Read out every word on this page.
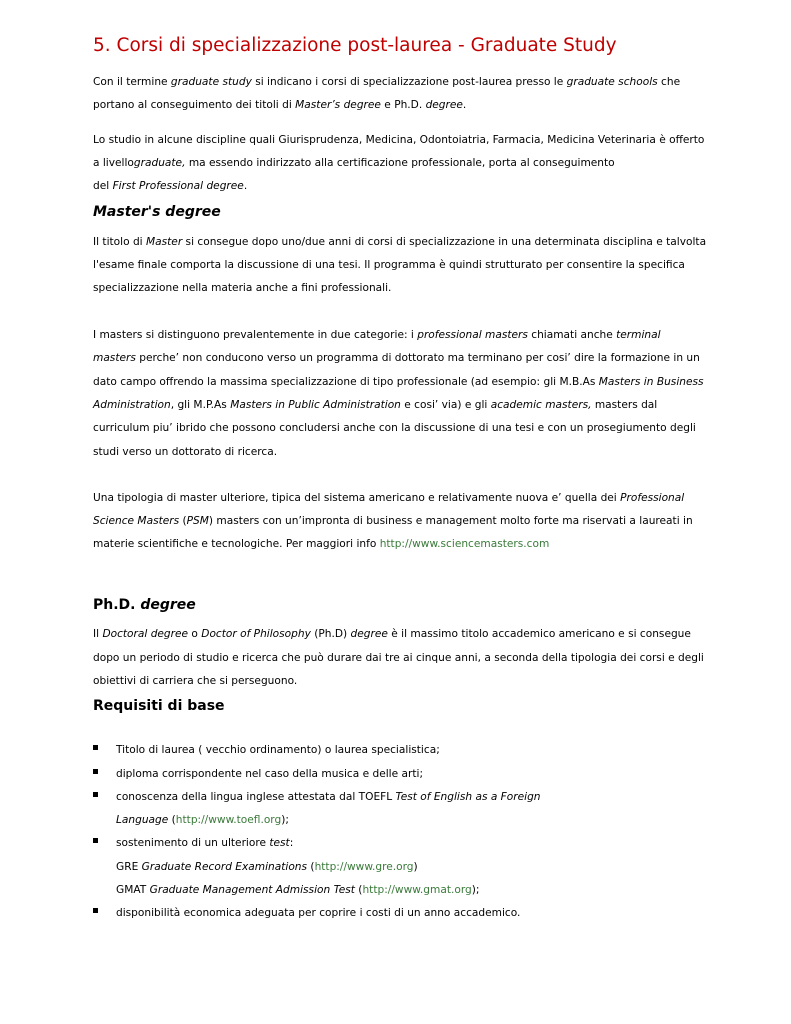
5. Corsi di specializzazione post-laurea - Graduate Study
Con il termine graduate study si indicano i corsi di specializzazione post-laurea presso le graduate schools che
portano al conseguimento dei titoli di Master’s degree e Ph.D. degree.
Lo studio in alcune discipline quali Giurisprudenza, Medicina, Odontoiatria, Farmacia, Medicina Veterinaria è offerto
a livellograduate, ma essendo indirizzato alla certificazione professionale, porta al conseguimento
del First Professional degree.
Master's degree
Il titolo di Master si consegue dopo uno/due anni di corsi di specializzazione in una determinata disciplina e talvolta
l'esame finale comporta la discussione di una tesi. Il programma è quindi strutturato per consentire la specifica
specializzazione nella materia anche a fini professionali.
I masters si distinguono prevalentemente in due categorie: i professional masters chiamati anche terminal
masters perche’ non conducono verso un programma di dottorato ma terminano per cosi’ dire la formazione in un
dato campo offrendo la massima specializzazione di tipo professionale (ad esempio: gli M.B.As Masters in Business
Administration, gli M.P.As Masters in Public Administration e cosi’ via) e gli academic masters, masters dal
curriculum piu’ ibrido che possono concludersi anche con la discussione di una tesi e con un prosegiumento degli
studi verso un dottorato di ricerca.
Una tipologia di master ulteriore, tipica del sistema americano e relativamente nuova e’ quella dei Professional
Science Masters (PSM) masters con un’impronta di business e management molto forte ma riservati a laureati in
materie scientifiche e tecnologiche. Per maggiori info http://www.sciencemasters.com
Ph.D. degree
Il Doctoral degree o Doctor of Philosophy (Ph.D) degree è il massimo titolo accademico americano e si consegue
dopo un periodo di studio e ricerca che può durare dai tre ai cinque anni, a seconda della tipologia dei corsi e degli
obiettivi di carriera che si perseguono.
Requisiti di base
Titolo di laurea ( vecchio ordinamento) o laurea specialistica;
diploma corrispondente nel caso della musica e delle arti;
conoscenza della lingua inglese attestata dal TOEFL Test of English as a Foreign
Language (http://www.toefl.org);
sostenimento di un ulteriore test:
GRE Graduate Record Examinations (http://www.gre.org)
GMAT Graduate Management Admission Test (http://www.gmat.org);
disponibilità economica adeguata per coprire i costi di un anno accademico.
